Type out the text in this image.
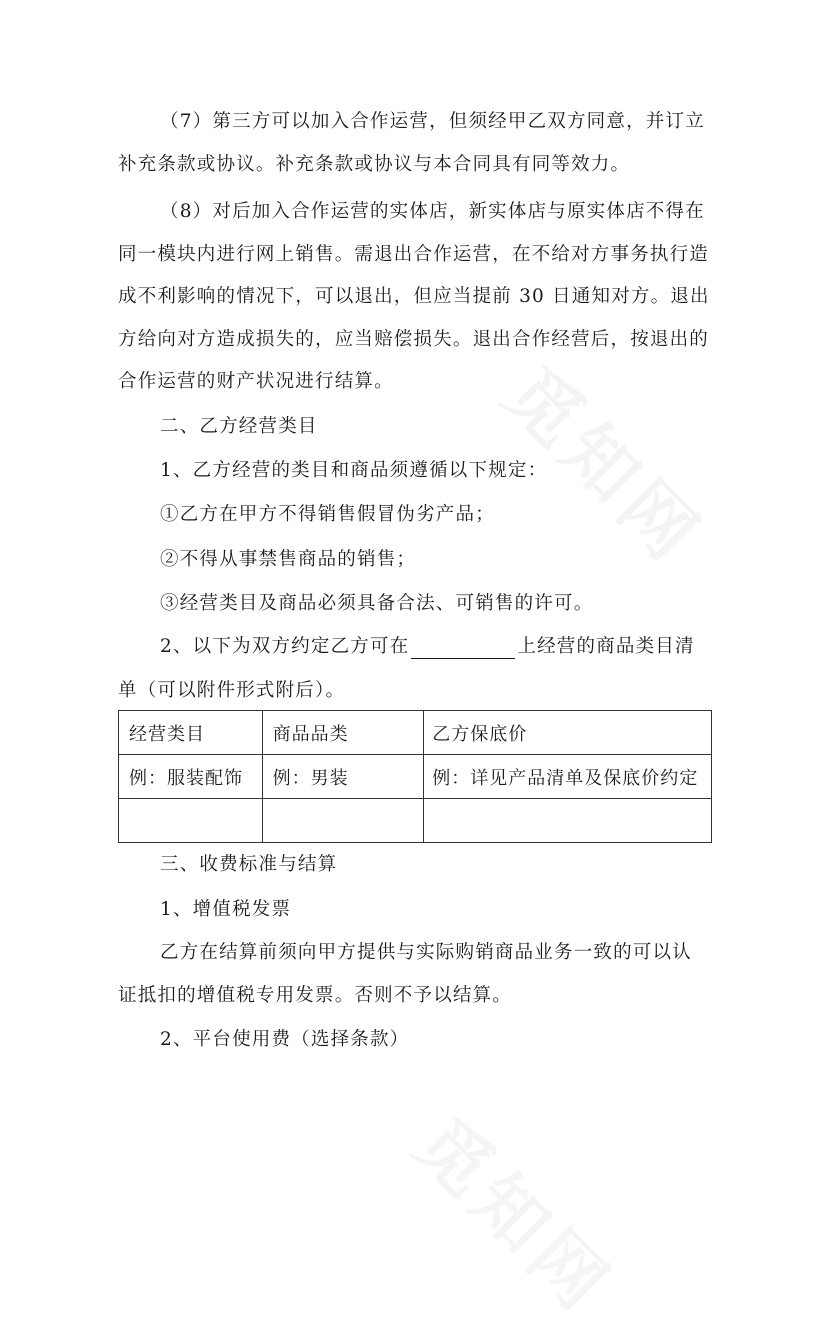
（7）第三方可以加入合作运营，但须经甲乙双方同意，并订立
补充条款或协议。补充条款或协议与本合同具有同等效力。
（8）对后加入合作运营的实体店，新实体店与原实体店不得在
同一模块内进行网上销售。需退出合作运营，在不给对方事务执行造
成不利影响的情况下，可以退出，但应当提前 30 日通知对方。退出
方给向对方造成损失的，应当赔偿损失。退出合作经营后，按退出的
合作运营的财产状况进行结算。
二、乙方经营类目
1、乙方经营的类目和商品须遵循以下规定：
①乙方在甲方不得销售假冒伪劣产品；
②不得从事禁售商品的销售；
③经营类目及商品必须具备合法、可销售的许可。
2、以下为双方约定乙方可在	上经营的商品类目清
单（可以附件形式附后）。
经营类目	商品品类	乙方保底价
例：服装配饰	例：男装	例：详见产品清单及保底价约定

三、收费标准与结算
1、增值税发票
乙方在结算前须向甲方提供与实际购销商品业务一致的可以认
证抵扣的增值税专用发票。否则不予以结算。
2、平台使用费（选择条款）
